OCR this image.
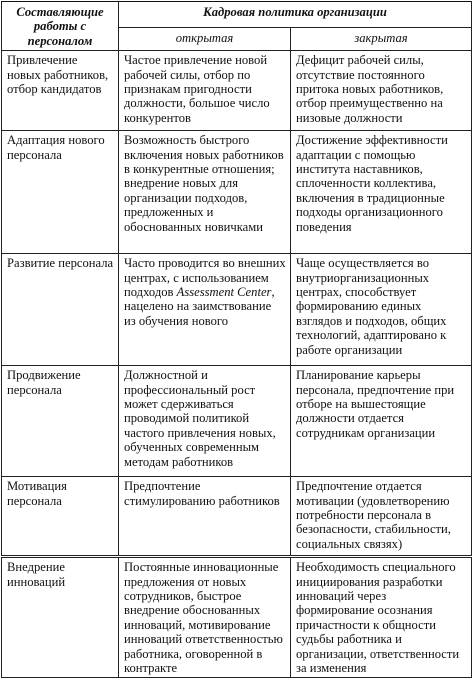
Составляющие работы с персоналом	Кадровая политика организации	
	открытая	закрытая
Привлечение новых работников, отбор кандидатов	Частое привлечение новой рабочей силы, отбор по признакам пригодности должности, большое число конкурентов	Дефицит рабочей силы, отсутствие постоянного притока новых работников, отбор преимущественно на низовые должности
Адаптация нового персонала	Возможность быстрого включения новых работников в конкурентные отношения; внедрение новых для организации подходов, предложенных и обоснованных новичками	Достижение эффективности адаптации с помощью института наставников, сплоченности коллектива, включения в традиционные подходы организационного поведения
Развитие персонала	Часто проводится во внешних центрах, с использованием подходов Assessment Center, нацелено на заимствование из обучения нового	Чаще осуществляется во внутриорганизационных центрах, способствует формированию единых взглядов и подходов, общих технологий, адаптировано к работе организации
Продвижение персонала	Должностной и профессиональный рост может сдерживаться проводимой политикой частого привлечения новых, обученных современным методам работников	Планирование карьеры персонала, предпочтение при отборе на вышестоящие должности отдается сотрудникам организации
Мотивация персонала	Предпочтение стимулированию работников	Предпочтение отдается мотивации (удовлетворению потребности персонала в безопасности, стабильности, социальных связях)
Внедрение инноваций	Постоянные инновационные предложения от новых сотрудников, быстрое внедрение обоснованных инноваций, мотивирование инноваций ответственностью работника, оговоренной в контракте	Необходимость специального инициирования разработки инноваций через формирование осознания причастности к общности судьбы работника и организации, ответственности за изменения
